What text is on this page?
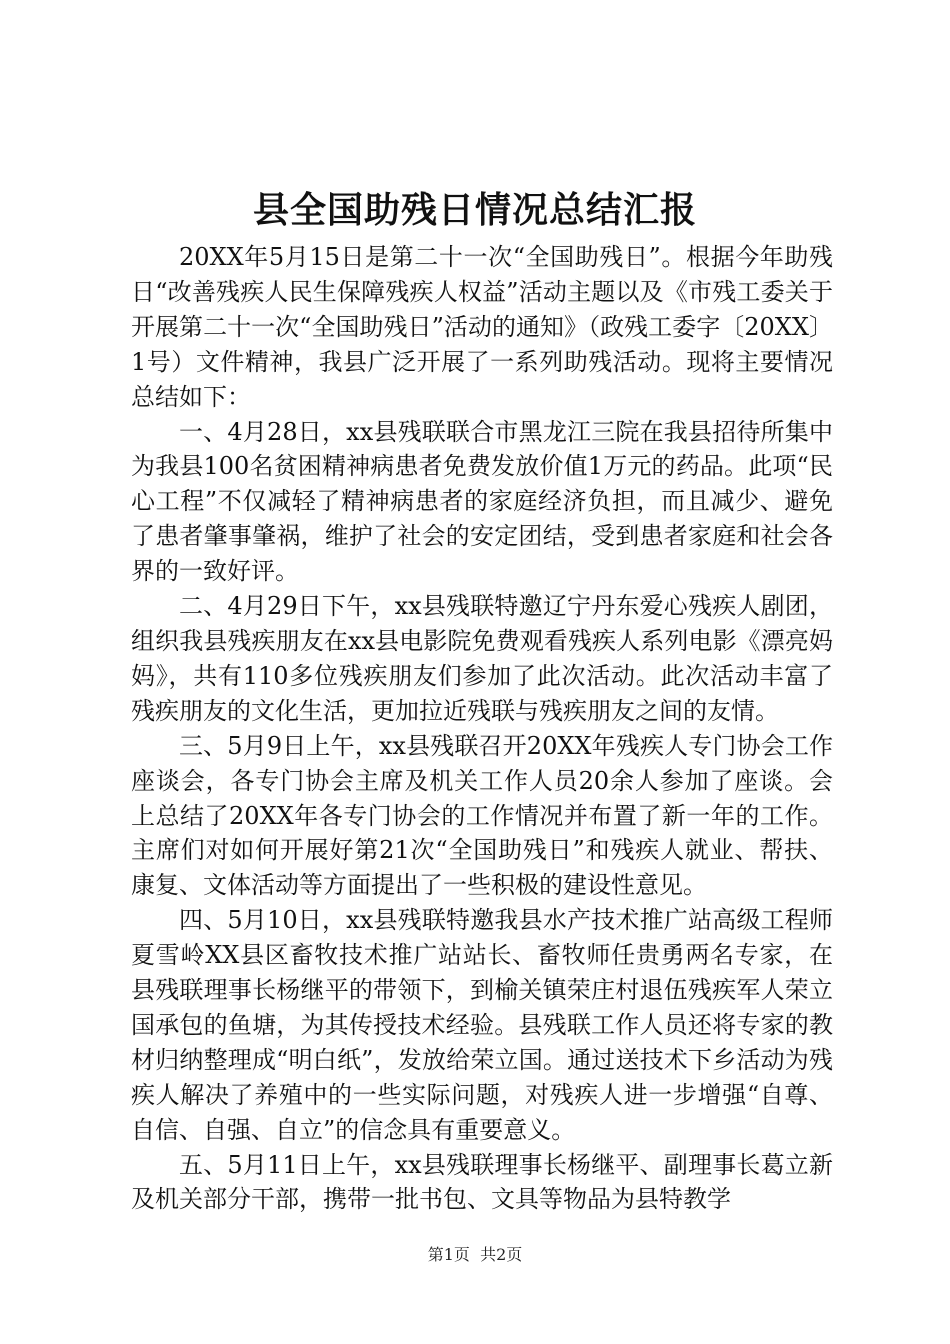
县全国助残日情况总结汇报

20XX年5月15日是第二十一次“全国助残日”。根据今年助残日“改善残疾人民生保障残疾人权益”活动主题以及《市残工委关于开展第二十一次“全国助残日”活动的通知》（政残工委字〔20XX〕1号）文件精神，我县广泛开展了一系列助残活动。现将主要情况总结如下：

一、4月28日，xx县残联联合市黑龙江三院在我县招待所集中为我县100名贫困精神病患者免费发放价值1万元的药品。此项“民心工程”不仅减轻了精神病患者的家庭经济负担，而且减少、避免了患者肇事肇祸，维护了社会的安定团结，受到患者家庭和社会各界的一致好评。

二、4月29日下午，xx县残联特邀辽宁丹东爱心残疾人剧团，组织我县残疾朋友在xx县电影院免费观看残疾人系列电影《漂亮妈妈》，共有110多位残疾朋友们参加了此次活动。此次活动丰富了残疾朋友的文化生活，更加拉近残联与残疾朋友之间的友情。

三、5月9日上午，xx县残联召开20XX年残疾人专门协会工作座谈会，各专门协会主席及机关工作人员20余人参加了座谈。会上总结了20XX年各专门协会的工作情况并布置了新一年的工作。主席们对如何开展好第21次“全国助残日”和残疾人就业、帮扶、康复、文体活动等方面提出了一些积极的建设性意见。

四、5月10日，xx县残联特邀我县水产技术推广站高级工程师夏雪岭XX县区畜牧技术推广站站长、畜牧师任贵勇两名专家，在县残联理事长杨继平的带领下，到榆关镇荣庄村退伍残疾军人荣立国承包的鱼塘，为其传授技术经验。县残联工作人员还将专家的教材归纳整理成“明白纸”，发放给荣立国。通过送技术下乡活动为残疾人解决了养殖中的一些实际问题，对残疾人进一步增强“自尊、自信、自强、自立”的信念具有重要意义。

五、5月11日上午，xx县残联理事长杨继平、副理事长葛立新及机关部分干部，携带一批书包、文具等物品为县特教学

第1页 共2页
